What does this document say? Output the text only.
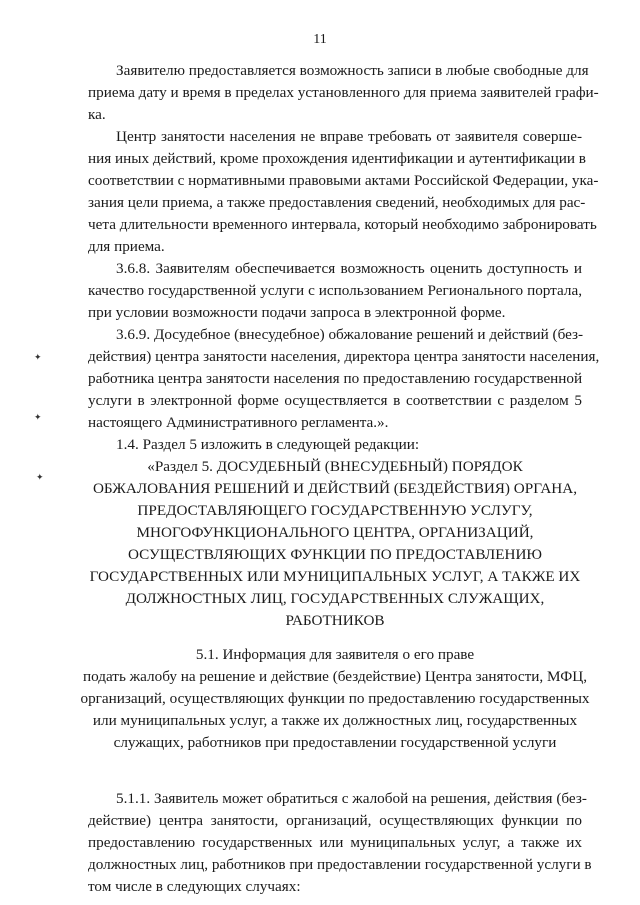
11
✦
✦
✦
Заявителю предоставляется возможность записи в любые свободные для
приема дату и время в пределах установленного для приема заявителей графи-
ка.
Центр занятости населения не вправе требовать от заявителя соверше-
ния иных действий, кроме прохождения идентификации и аутентификации в
соответствии с нормативными правовыми актами Российской Федерации, ука-
зания цели приема, а также предоставления сведений, необходимых для рас-
чета длительности временного интервала, который необходимо забронировать
для приема.
3.6.8. Заявителям обеспечивается возможность оценить доступность и
качество государственной услуги с использованием Регионального портала,
при условии возможности подачи запроса в электронной форме.
3.6.9. Досудебное (внесудебное) обжалование решений и действий (без-
действия) центра занятости населения, директора центра занятости населения,
работника центра занятости населения по предоставлению государственной
услуги в электронной форме осуществляется в соответствии с разделом 5
настоящего Административного регламента.».
1.4. Раздел 5 изложить в следующей редакции:
«Раздел 5. ДОСУДЕБНЫЙ (ВНЕСУДЕБНЫЙ) ПОРЯДОК
ОБЖАЛОВАНИЯ РЕШЕНИЙ И ДЕЙСТВИЙ (БЕЗДЕЙСТВИЯ) ОРГАНА,
ПРЕДОСТАВЛЯЮЩЕГО ГОСУДАРСТВЕННУЮ УСЛУГУ,
МНОГОФУНКЦИОНАЛЬНОГО ЦЕНТРА, ОРГАНИЗАЦИЙ,
ОСУЩЕСТВЛЯЮЩИХ ФУНКЦИИ ПО ПРЕДОСТАВЛЕНИЮ
ГОСУДАРСТВЕННЫХ ИЛИ МУНИЦИПАЛЬНЫХ УСЛУГ, А ТАКЖЕ ИХ
ДОЛЖНОСТНЫХ ЛИЦ, ГОСУДАРСТВЕННЫХ СЛУЖАЩИХ,
РАБОТНИКОВ
5.1. Информация для заявителя о его праве
подать жалобу на решение и действие (бездействие) Центра занятости, МФЦ,
организаций, осуществляющих функции по предоставлению государственных
или муниципальных услуг, а также их должностных лиц, государственных
служащих, работников при предоставлении государственной услуги
5.1.1. Заявитель может обратиться с жалобой на решения, действия (без-
действие) центра занятости, организаций, осуществляющих функции по
предоставлению государственных или муниципальных услуг, а также их
должностных лиц, работников при предоставлении государственной услуги в
том числе в следующих случаях:
